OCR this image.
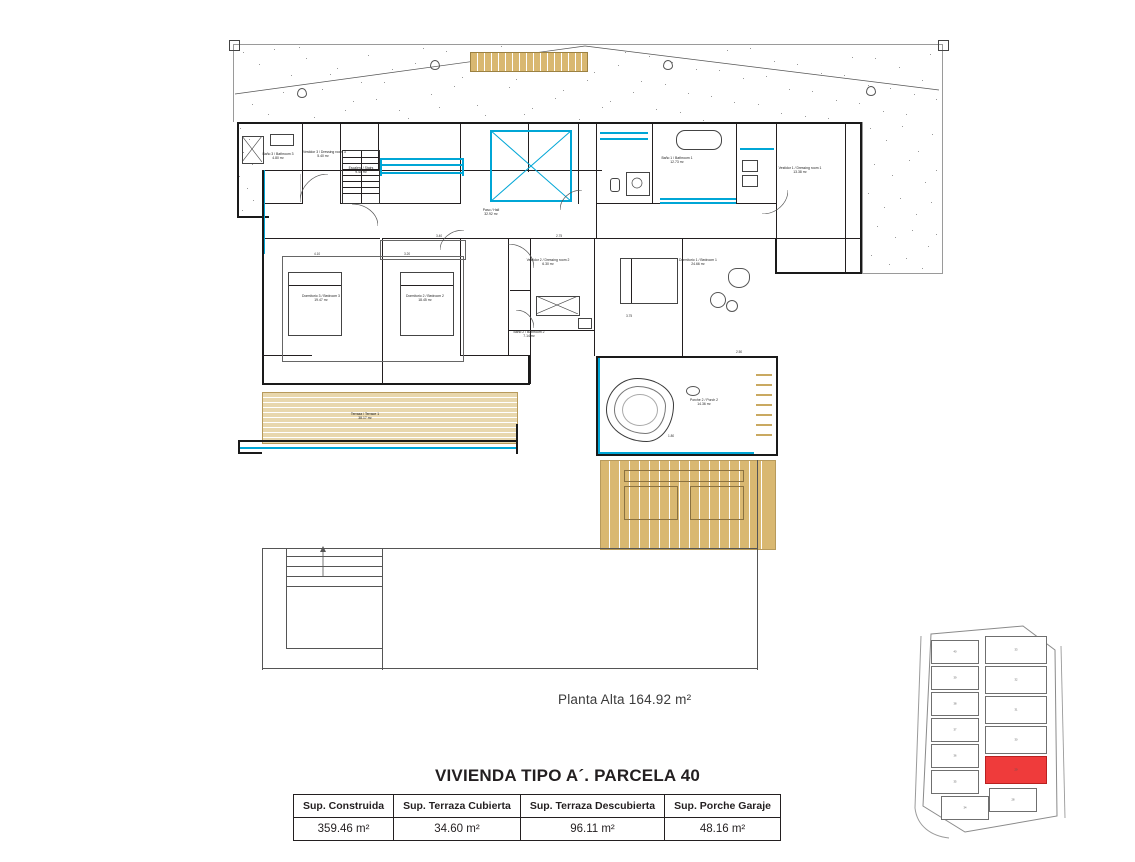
Baño 3 / Bathroom 3
4.80 m²
Vestidor 3 / Dressing room 3
5.40 m²
Escalera / Stairs
9.40 m²
Paso / Hall
32.92 m²
Baño 1 / Bathroom 1
12.73 m²
Vestidor 1 / Dressing room 1
13.38 m²
Vestidor 2 / Dressing room 2
6.30 m²
Dormitorio 1 / Bedroom 1
24.66 m²
Dormitorio 3 / Bedroom 3
19.47 m²
Dormitorio 2 / Bedroom 2
18.45 m²
Baño 2 / Bathroom 2
7.14 m²
Porche 2 / Porch 2
14.36 m²
Terraza / Terrace 1
38.17 m²
3.40	2.75
3.75
1.80
2.50
4.10	3.20
Planta Alta 164.92 m²
VIVIENDA TIPO A´. PARCELA 40
Sup. Construida	Sup. Terraza Cubierta	Sup. Terraza Descubierta	Sup. Porche Garaje
359.46 m²	34.60 m²	96.11 m²	48.16 m²
40
39
38
37
36
35
34
33
32
31
30
29
28
